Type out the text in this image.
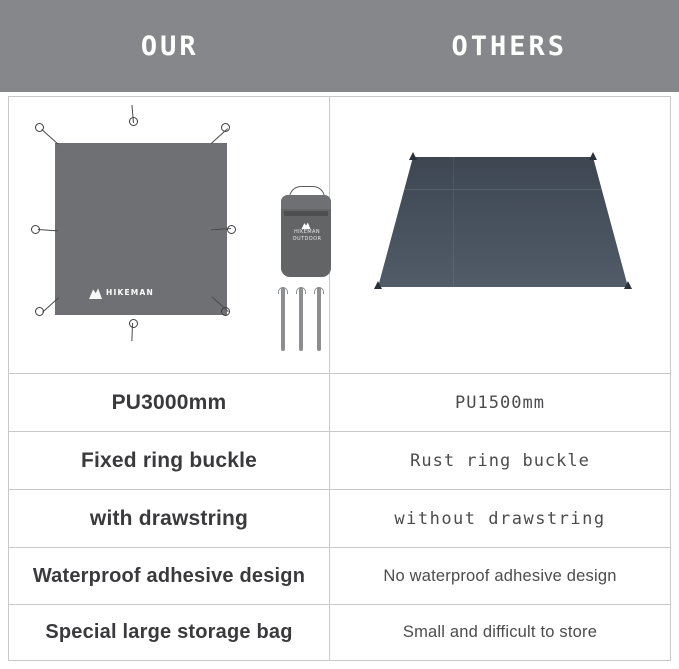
OUR	OTHERS
HIKEMAN
HIKEMAN OUTDOOR
PU3000mm	PU1500mm
Fixed ring buckle	Rust ring buckle
with drawstring	without drawstring
Waterproof adhesive design	No waterproof adhesive design
Special large storage bag	Small and difficult to store
